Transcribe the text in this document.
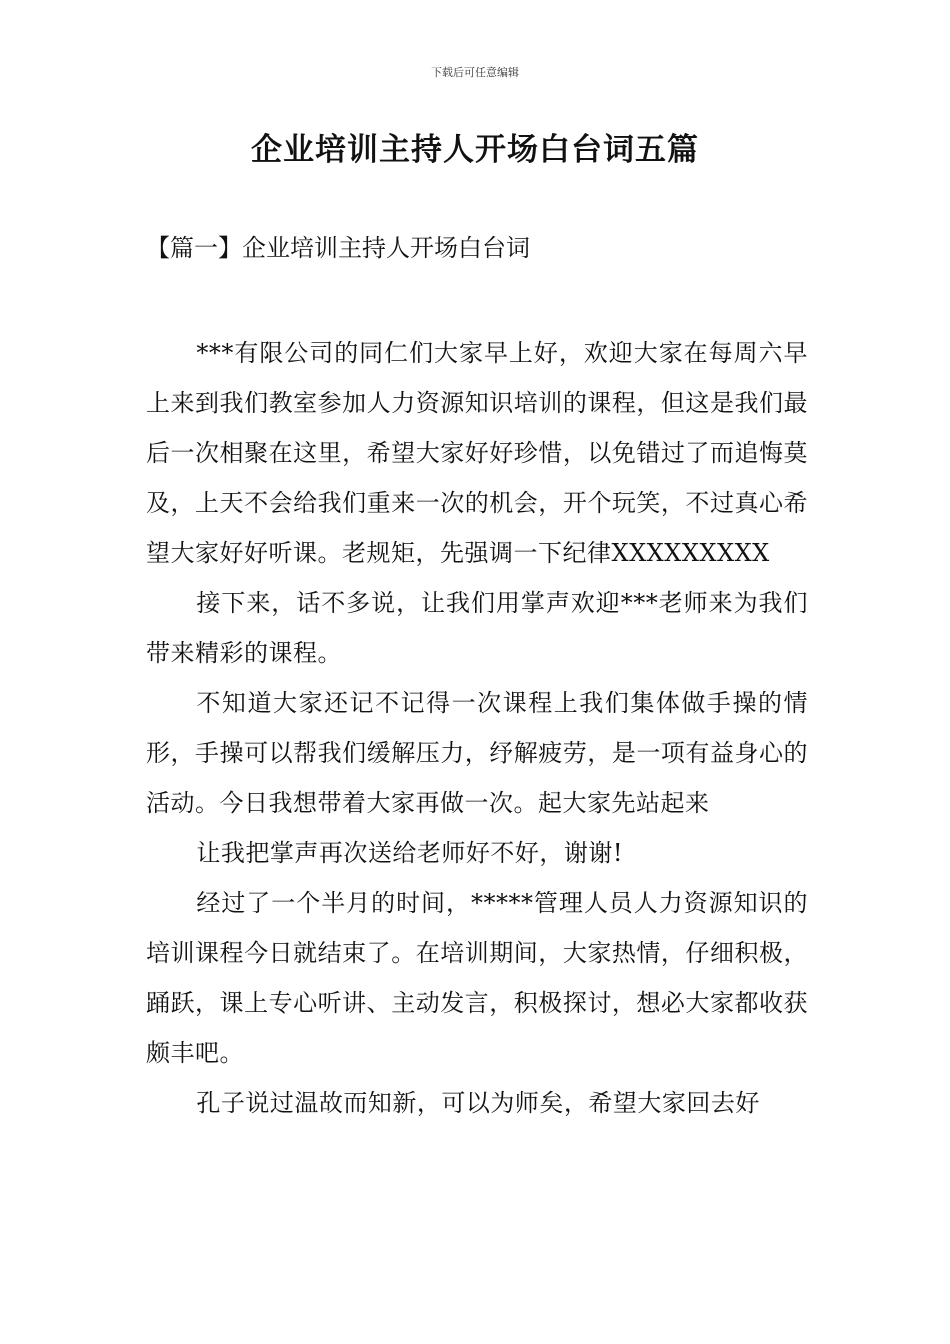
下载后可任意编辑
企业培训主持人开场白台词五篇
【篇一】企业培训主持人开场白台词

***有限公司的同仁们大家早上好，欢迎大家在每周六早上来到我们教室参加人力资源知识培训的课程，但这是我们最后一次相聚在这里，希望大家好好珍惜，以免错过了而追悔莫及，上天不会给我们重来一次的机会，开个玩笑，不过真心希望大家好好听课。老规矩，先强调一下纪律XXXXXXXXX

接下来，话不多说，让我们用掌声欢迎***老师来为我们带来精彩的课程。

不知道大家还记不记得一次课程上我们集体做手操的情形，手操可以帮我们缓解压力，纾解疲劳，是一项有益身心的活动。今日我想带着大家再做一次。起大家先站起来

让我把掌声再次送给老师好不好，谢谢!

经过了一个半月的时间，*****管理人员人力资源知识的培训课程今日就结束了。在培训期间，大家热情，仔细积极，踊跃，课上专心听讲、主动发言，积极探讨，想必大家都收获颇丰吧。

孔子说过温故而知新，可以为师矣，希望大家回去好
